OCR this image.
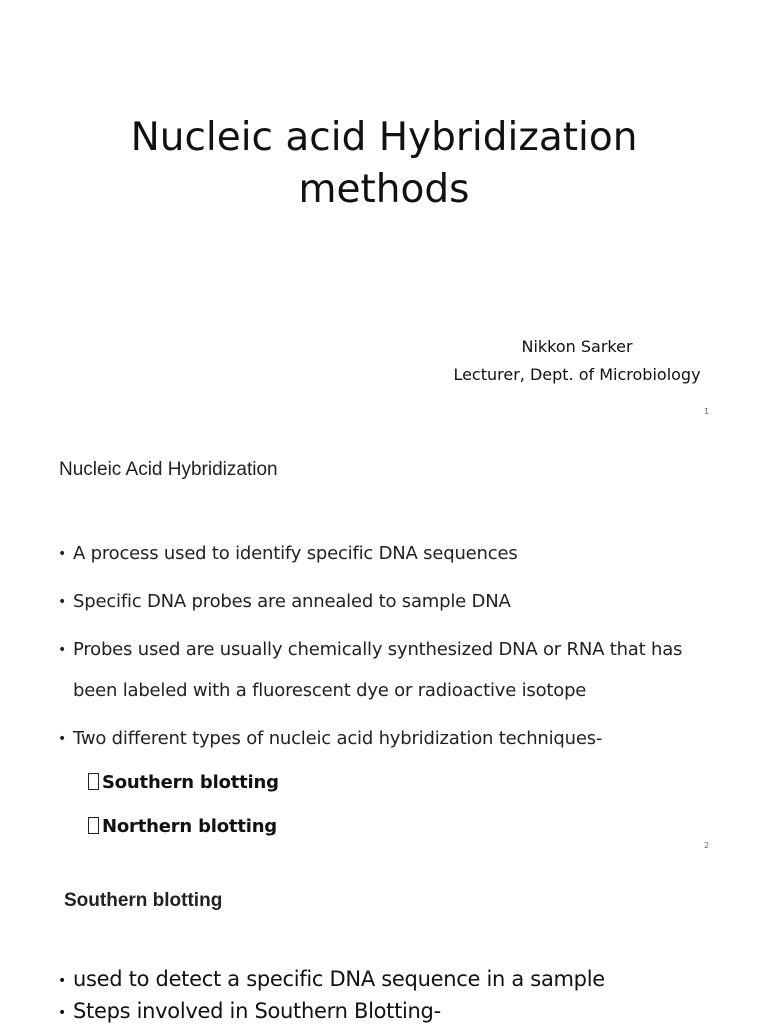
Nucleic acid Hybridization
methods
Nikkon Sarker
Lecturer, Dept. of Microbiology
1
Nucleic Acid Hybridization
• A process used to identify specific DNA sequences
• Specific DNA probes are annealed to sample DNA
• Probes used are usually chemically synthesized DNA or RNA that has
been labeled with a fluorescent dye or radioactive isotope
• Two different types of nucleic acid hybridization techniques-
Southern blotting
Northern blotting
2
Southern blotting
• used to detect a specific DNA sequence in a sample
• Steps involved in Southern Blotting-
